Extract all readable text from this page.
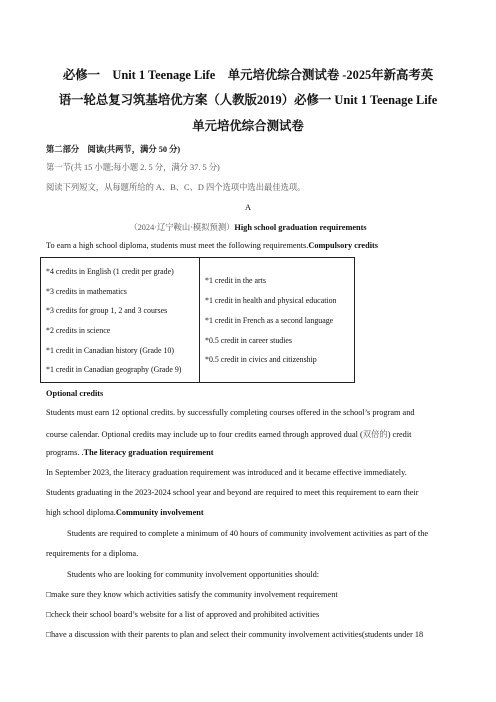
必修一　Unit 1 Teenage Life　单元培优综合测试卷 -2025年新高考英
语一轮总复习筑基培优方案（人教版2019）必修一 Unit 1 Teenage Life
单元培优综合测试卷
第二部分　阅读(共两节，满分 50 分)
第一节(共 15 小题;每小题 2. 5 分，满分 37. 5 分)
阅读下列短文，从每题所给的 A、B、C、D 四个选项中选出最佳选项。
A
（2024·辽宁鞍山·模拟预测）High school graduation requirements
To earn a high school diploma, students must meet the following requirements.Compulsory credits
*4 credits in English (1 credit per grade)
*3 credits in mathematics
*3 credits for group 1, 2 and 3 courses
*2 credits in science
*1 credit in Canadian history (Grade 10)
*1 credit in Canadian geography (Grade 9)
*1 credit in the arts
*1 credit in health and physical education
*1 credit in French as a second language
*0.5 credit in career studies
*0.5 credit in civics and citizenship
Optional credits
Students must earn 12 optional credits. by successfully completing courses offered in the school’s program and
course calendar. Optional credits may include up to four credits earned through approved dual (双倍的) credit
programs. .The literacy graduation requirement
In September 2023, the literacy graduation requirement was introduced and it became effective immediately.
Students graduating in the 2023-2024 school year and beyond are required to meet this requirement to earn their
high school diploma.Community involvement
Students are required to complete a minimum of 40 hours of community involvement activities as part of the
requirements for a diploma.
Students who are looking for community involvement opportunities should:
□make sure they know which activities satisfy the community involvement requirement
□check their school board’s website for a list of approved and prohibited activities
□have a discussion with their parents to plan and select their community involvement activities(students under 18
